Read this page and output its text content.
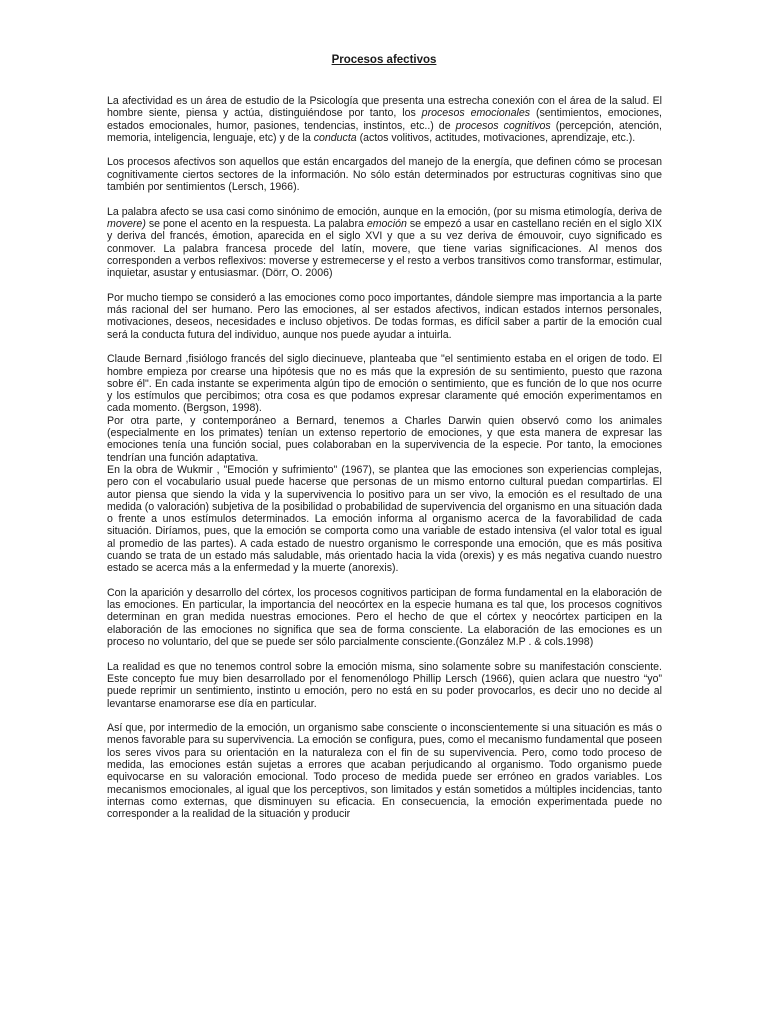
Procesos afectivos

La afectividad es un área de estudio de la Psicología que presenta una estrecha conexión con el área de la salud. El hombre siente, piensa y actúa, distinguiéndose por tanto, los procesos emocionales (sentimientos, emociones, estados emocionales, humor, pasiones, tendencias, instintos, etc..) de procesos cognitivos (percepción, atención, memoria, inteligencia, lenguaje, etc) y de la conducta (actos volitivos, actitudes, motivaciones, aprendizaje, etc.).

Los procesos afectivos son aquellos que están encargados del manejo de la energía, que definen cómo se procesan cognitivamente ciertos sectores de la información. No sólo están determinados por estructuras cognitivas sino que también por sentimientos (Lersch, 1966).

La palabra afecto se usa casi como sinónimo de emoción, aunque en la emoción, (por su misma etimología, deriva de movere) se pone el acento en la respuesta. La palabra emoción se empezó a usar en castellano recién en el siglo XIX y deriva del francés, émotion, aparecida en el siglo XVI y que a su vez deriva de émouvoir, cuyo significado es conmover. La palabra francesa procede del latín, movere, que tiene varias significaciones. Al menos dos corresponden a verbos reflexivos: moverse y estremecerse y el resto a verbos transitivos como transformar, estimular, inquietar, asustar y entusiasmar. (Dörr, O. 2006)

Por mucho tiempo se consideró a las emociones como poco importantes, dándole siempre mas importancia a la parte más racional del ser humano. Pero las emociones, al ser estados afectivos, indican estados internos personales, motivaciones, deseos, necesidades e incluso objetivos. De todas formas, es difícil saber a partir de la emoción cual será la conducta futura del individuo, aunque nos puede ayudar a intuirla.

Claude Bernard ,fisiólogo francés del siglo diecinueve, planteaba que "el sentimiento estaba en el origen de todo. El hombre empieza por crearse una hipótesis que no es más que la expresión de su sentimiento, puesto que razona sobre él". En cada instante se experimenta algún tipo de emoción o sentimiento, que es función de lo que nos ocurre y los estímulos que percibimos; otra cosa es que podamos expresar claramente qué emoción experimentamos en cada momento. (Bergson, 1998).

Por otra parte, y contemporáneo a Bernard, tenemos a Charles Darwin quien observó como los animales (especialmente en los primates) tenían un extenso repertorio de emociones, y que esta manera de expresar las emociones tenía una función social, pues colaboraban en la supervivencia de la especie. Por tanto, la emociones tendrían una función adaptativa.

En la obra de Wukmir , "Emoción y sufrimiento" (1967), se plantea que las emociones son experiencias complejas, pero con el vocabulario usual puede hacerse que personas de un mismo entorno cultural puedan compartirlas. El autor piensa que siendo la vida y la supervivencia lo positivo para un ser vivo, la emoción es el resultado de una medida (o valoración) subjetiva de la posibilidad o probabilidad de supervivencia del organismo en una situación dada o frente a unos estímulos determinados. La emoción informa al organismo acerca de la favorabilidad de cada situación. Diríamos, pues, que la emoción se comporta como una variable de estado intensiva (el valor total es igual al promedio de las partes). A cada estado de nuestro organismo le corresponde una emoción, que es más positiva cuando se trata de un estado más saludable, más orientado hacia la vida (orexis) y es más negativa cuando nuestro estado se acerca más a la enfermedad y la muerte (anorexis).

Con la aparición y desarrollo del córtex, los procesos cognitivos participan de forma fundamental en la elaboración de las emociones. En particular, la importancia del neocórtex en la especie humana es tal que, los procesos cognitivos determinan en gran medida nuestras emociones. Pero el hecho de que el córtex y neocórtex participen en la elaboración de las emociones no significa que sea de forma consciente. La elaboración de las emociones es un proceso no voluntario, del que se puede ser sólo parcialmente consciente.(González M.P . & cols.1998)

La realidad es que no tenemos control sobre la emoción misma, sino solamente sobre su manifestación consciente. Este concepto fue muy bien desarrollado por el fenomenólogo Phillip Lersch (1966), quien aclara que nuestro “yo” puede reprimir un sentimiento, instinto u emoción, pero no está en su poder provocarlos, es decir uno no decide al levantarse enamorarse ese día en particular.

Así que, por intermedio de la emoción, un organismo sabe consciente o inconscientemente si una situación es más o menos favorable para su supervivencia. La emoción se configura, pues, como el mecanismo fundamental que poseen los seres vivos para su orientación en la naturaleza con el fin de su supervivencia. Pero, como todo proceso de medida, las emociones están sujetas a errores que acaban perjudicando al organismo. Todo organismo puede equivocarse en su valoración emocional. Todo proceso de medida puede ser erróneo en grados variables. Los mecanismos emocionales, al igual que los perceptivos, son limitados y están sometidos a múltiples incidencias, tanto internas como externas, que disminuyen su eficacia. En consecuencia, la emoción experimentada puede no corresponder a la realidad de la situación y producir
